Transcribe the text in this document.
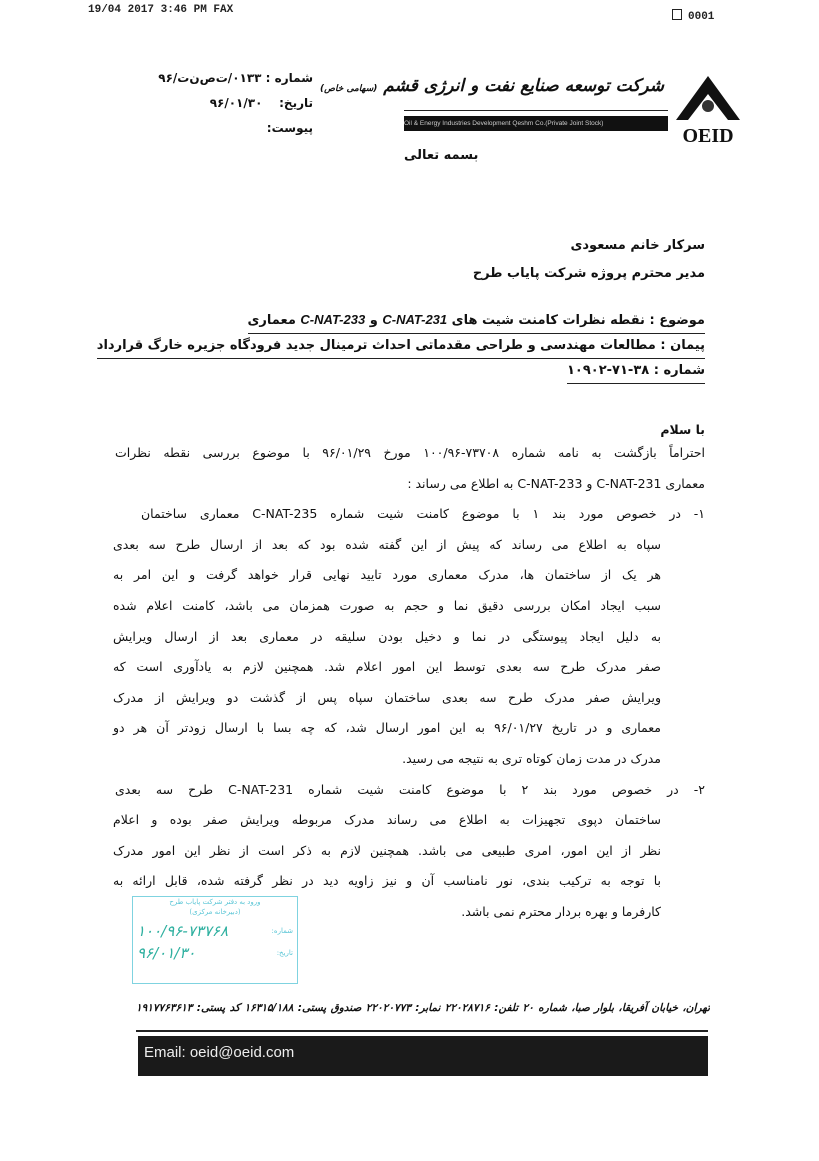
19/04 2017 3:46 PM FAX
0001
شماره : ۰۱۳۳/ت‌ص‌ن‌ت/۹۶
تاریخ:    ۹۶/۰۱/۳۰
پیوست:
شرکت توسعه صنایع نفت و انرژی قشم (سهامی خاص)
Oil & Energy Industries Development Qeshm Co.(Private Joint Stock)
OEID
بسمه تعالی
سرکار خانم مسعودی
مدیر محترم پروژه شرکت پایاب طرح
موضوع : نقطه نظرات کامنت شیت های C-NAT-231 و C-NAT-233 معماری
پیمان : مطالعات مهندسی و طراحی مقدماتی احداث ترمینال جدید فرودگاه جزیره خارگ قرارداد
شماره : ۳۸-۷۱-۱۰۹۰۲
با سلام
احتراماً بازگشت به نامه شماره ۷۳۷۰۸-۱۰۰/۹۶ مورخ ۹۶/۰۱/۲۹ با موضوع بررسی نقطه نظرات
معماری C-NAT-231 و C-NAT-233 به اطلاع می رساند :
۱- در خصوص مورد بند ۱ با موضوع کامنت شیت شماره C-NAT-235 معماری ساختمان
سپاه به اطلاع می رساند که پیش از این گفته شده بود که بعد از ارسال طرح سه بعدی
هر یک از ساختمان ها، مدرک معماری مورد تایید نهایی قرار خواهد گرفت و این امر به
سبب ایجاد امکان بررسی دقیق نما و حجم به صورت همزمان می باشد، کامنت اعلام شده
به دلیل ایجاد پیوستگی در نما و دخیل بودن سلیقه در معماری بعد از ارسال ویرایش
صفر مدرک طرح سه بعدی توسط این امور اعلام شد. همچنین لازم به یادآوری است که
ویرایش صفر مدرک طرح سه بعدی ساختمان سپاه پس از گذشت دو ویرایش از مدرک
معماری و در تاریخ ۹۶/۰۱/۲۷ به این امور ارسال شد، که چه بسا با ارسال زودتر آن هر دو
مدرک در مدت زمان کوتاه تری به نتیجه می رسید.
۲- در خصوص مورد بند ۲ با موضوع کامنت شیت شماره C-NAT-231 طرح سه بعدی
ساختمان دپوی تجهیزات به اطلاع می رساند مدرک مربوطه ویرایش صفر بوده و اعلام
نظر از این امور، امری طبیعی می باشد. همچنین لازم به ذکر است از نظر این امور مدرک
با توجه به ترکیب بندی، نور نامناسب آن و نیز زاویه دید در نظر گرفته شده، قابل ارائه به
کارفرما و بهره بردار محترم نمی باشد.
ورود به دفتر شرکت پایاب طرح
(دبیرخانه مرکزی)
شماره:
۱۰۰/۹۶-۷۳۷۶۸
تاریخ:
۹۶/۰۱/۳۰
تهران، خیابان آفریقا، بلوار صبا، شماره ۲۰ تلفن: ۲۲۰۲۸۷۱۶ نمابر: ۲۲۰۲۰۷۷۳ صندوق پستی: ۱۶۳۱۵/۱۸۸ کد پستی: ۱۹۱۷۷۶۳۶۱۳
Email: oeid@oeid.com
